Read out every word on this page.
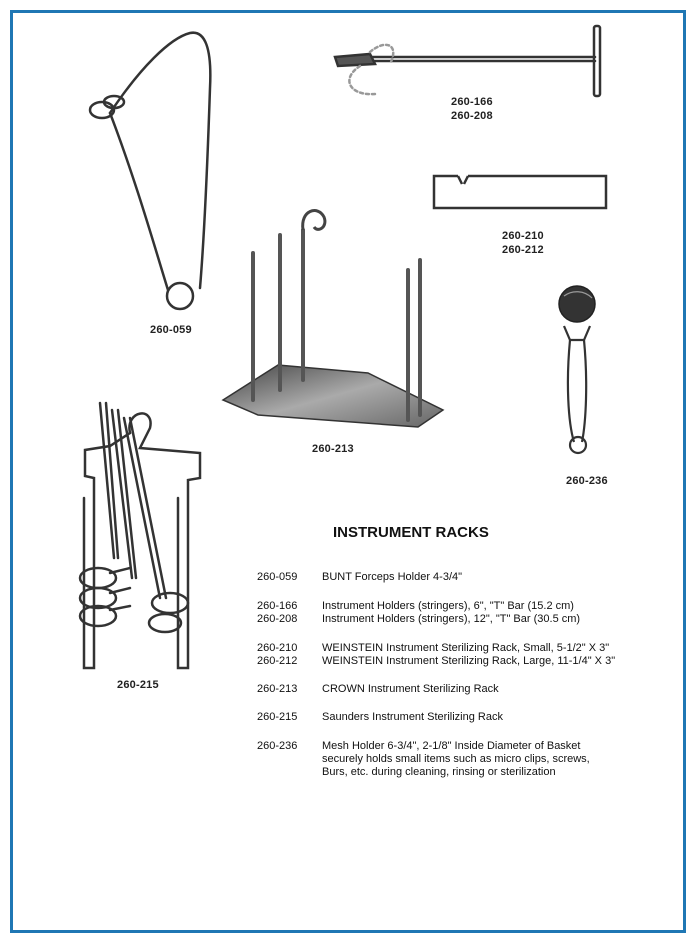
260-059
260-166
260-208
260-210
260-212
260-213
260-236
260-215
INSTRUMENT RACKS
260-059 BUNT Forceps Holder 4-3/4"
260-166 Instrument Holders (stringers), 6", "T" Bar (15.2 cm)
260-208 Instrument Holders (stringers), 12", "T" Bar (30.5 cm)
260-210 WEINSTEIN Instrument Sterilizing Rack, Small, 5-1/2" X 3"
260-212 WEINSTEIN Instrument Sterilizing Rack, Large, 11-1/4" X 3"
260-213 CROWN Instrument Sterilizing Rack
260-215 Saunders Instrument Sterilizing Rack
260-236 Mesh Holder 6-3/4", 2-1/8" Inside Diameter of Basket
securely holds small items such as micro clips, screws,
Burs, etc. during cleaning, rinsing or sterilization
